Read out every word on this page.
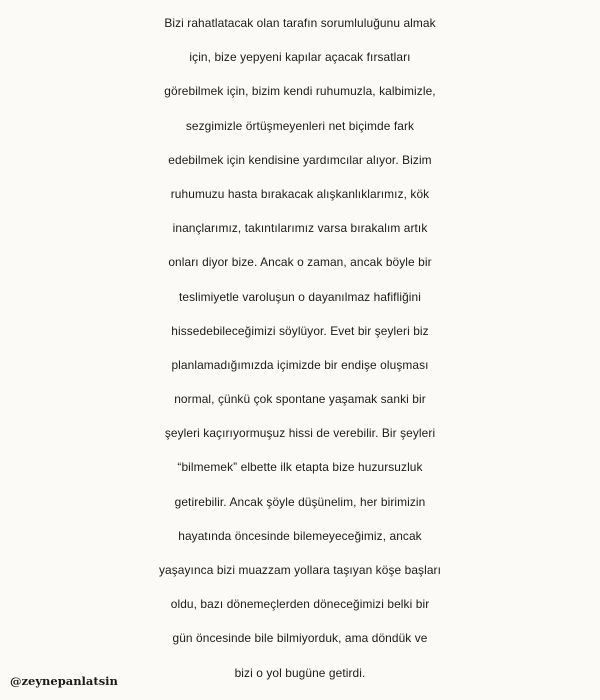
Bizi rahatlatacak olan tarafın sorumluluğunu almak
için, bize yepyeni kapılar açacak fırsatları
görebilmek için, bizim kendi ruhumuzla, kalbimizle,
sezgimizle örtüşmeyenleri net biçimde fark
edebilmek için kendisine yardımcılar alıyor. Bizim
ruhumuzu hasta bırakacak alışkanlıklarımız, kök
inançlarımız, takıntılarımız varsa bırakalım artık
onları diyor bize. Ancak o zaman, ancak böyle bir
teslimiyetle varoluşun o dayanılmaz hafifliğini
hissedebileceğimizi söylüyor. Evet bir şeyleri biz
planlamadığımızda içimizde bir endişe oluşması
normal, çünkü çok spontane yaşamak sanki bir
şeyleri kaçırıyormuşuz hissi de verebilir. Bir şeyleri
“bilmemek” elbette ilk etapta bize huzursuzluk
getirebilir. Ancak şöyle düşünelim, her birimizin
hayatında öncesinde bilemeyeceğimiz, ancak
yaşayınca bizi muazzam yollara taşıyan köşe başları
oldu, bazı dönemeçlerden döneceğimizi belki bir
gün öncesinde bile bilmiyorduk, ama döndük ve
bizi o yol bugüne getirdi.
@zeynepanlatsin
